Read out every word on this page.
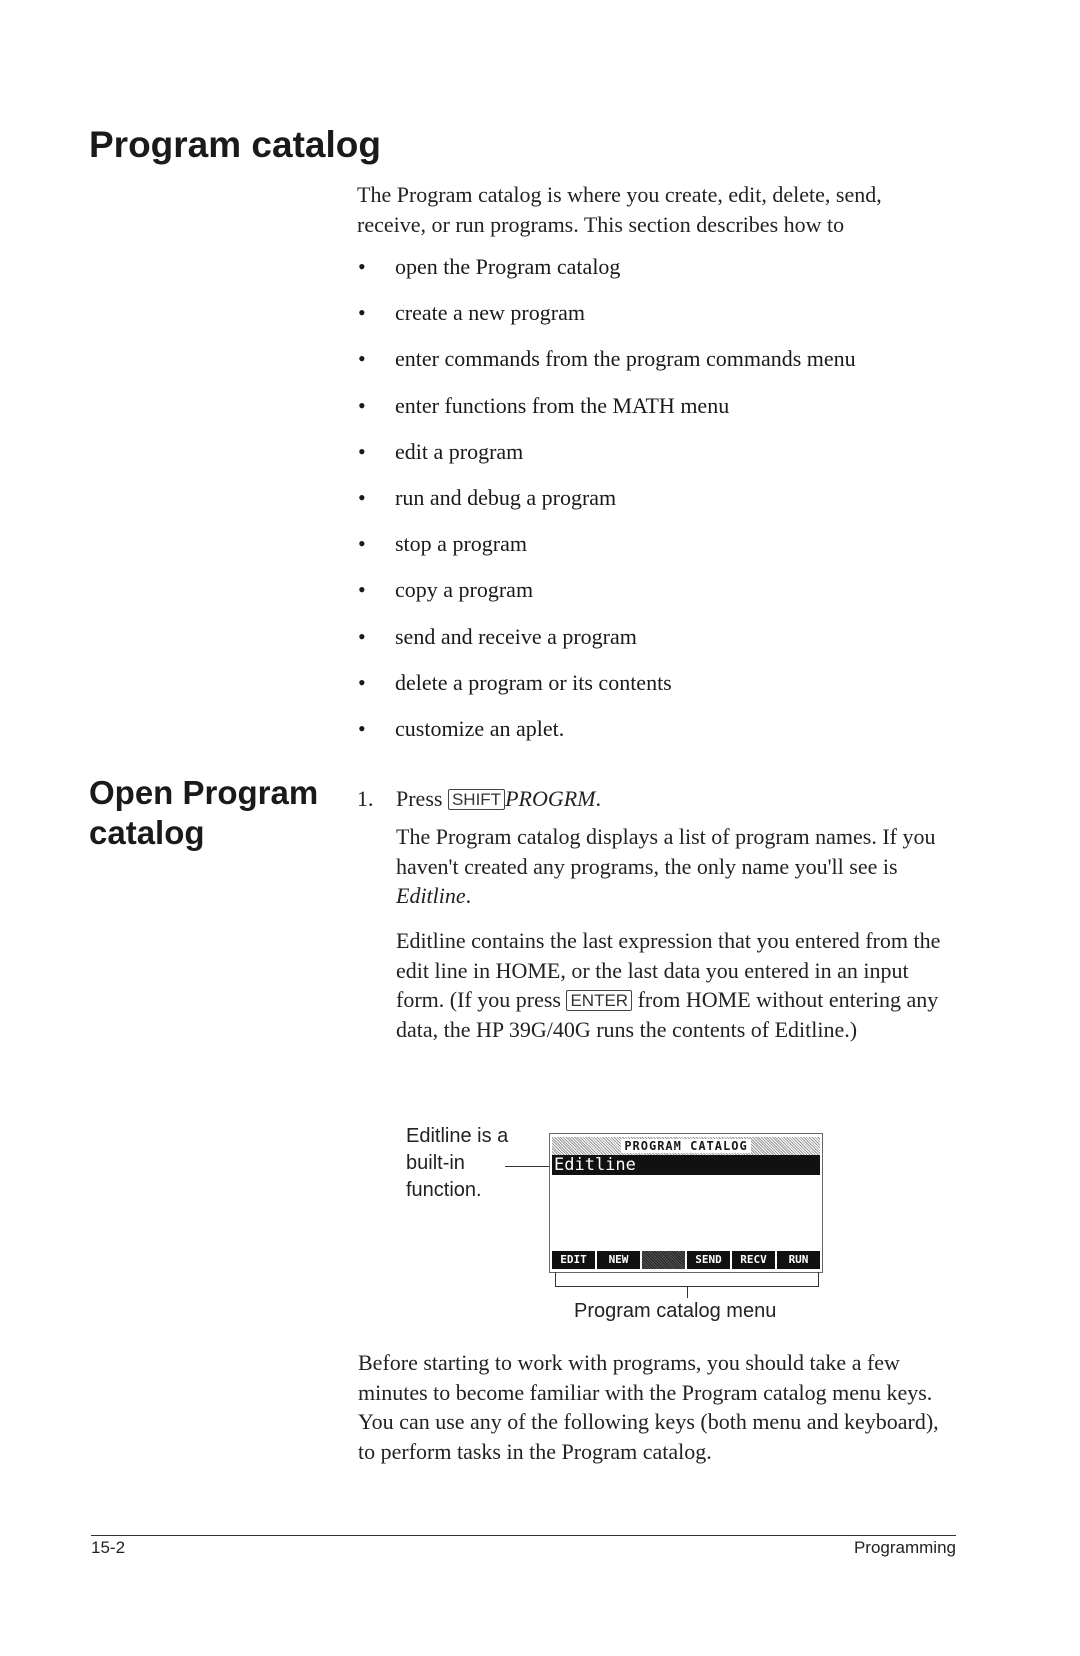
Program catalog
The Program catalog is where you create, edit, delete, send, receive, or run programs. This section describes how to
• open the Program catalog
• create a new program
• enter commands from the program commands menu
• enter functions from the MATH menu
• edit a program
• run and debug a program
• stop a program
• copy a program
• send and receive a program
• delete a program or its contents
• customize an aplet.
Open Program catalog
1. Press SHIFT PROGRM.
The Program catalog displays a list of program names. If you haven't created any programs, the only name you'll see is Editline.
Editline contains the last expression that you entered from the edit line in HOME, or the last data you entered in an input form. (If you press ENTER from HOME without entering any data, the HP 39G/40G runs the contents of Editline.)
Editline is a built-in function.
PROGRAM CATALOG
Editline
EDIT	NEW	SEND	RECV	RUN
Program catalog menu
Before starting to work with programs, you should take a few minutes to become familiar with the Program catalog menu keys. You can use any of the following keys (both menu and keyboard), to perform tasks in the Program catalog.
15-2	Programming
